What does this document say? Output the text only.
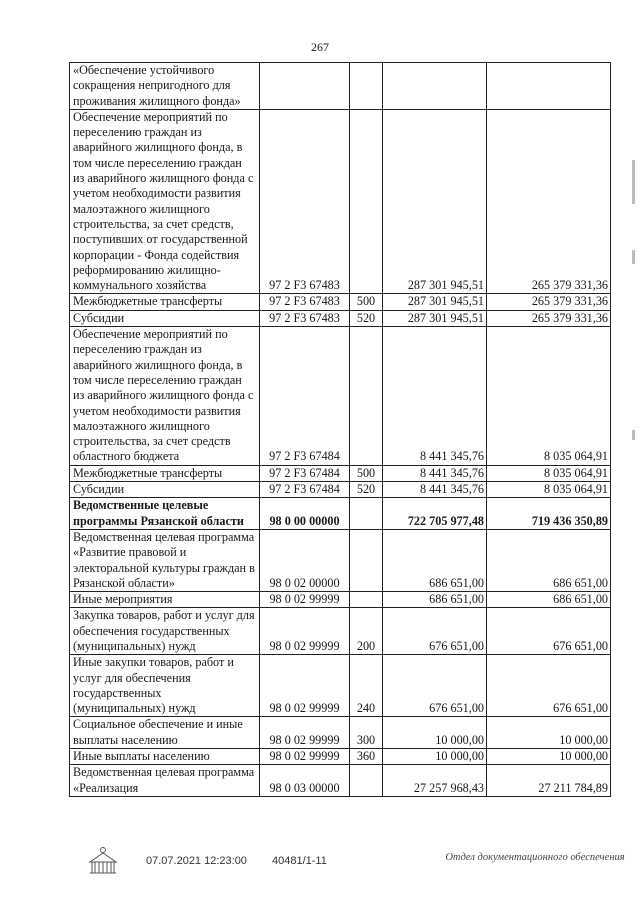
267
«Обеспечение устойчивого сокращения непригодного для проживания жилищного фонда»				
Обеспечение мероприятий по переселению граждан из аварийного жилищного фонда, в том числе переселению граждан из аварийного жилищного фонда с учетом необходимости развития малоэтажного жилищного строительства, за счет средств, поступивших от государственной корпорации - Фонда содействия реформированию жилищно-коммунального хозяйства	97 2 F3 67483		287 301 945,51	265 379 331,36
Межбюджетные трансферты	97 2 F3 67483	500	287 301 945,51	265 379 331,36
Субсидии	97 2 F3 67483	520	287 301 945,51	265 379 331,36
Обеспечение мероприятий по переселению граждан из аварийного жилищного фонда, в том числе переселению граждан из аварийного жилищного фонда с учетом необходимости развития малоэтажного жилищного строительства, за счет средств областного бюджета	97 2 F3 67484		8 441 345,76	8 035 064,91
Межбюджетные трансферты	97 2 F3 67484	500	8 441 345,76	8 035 064,91
Субсидии	97 2 F3 67484	520	8 441 345,76	8 035 064,91
Ведомственные целевые программы Рязанской области	98 0 00 00000		722 705 977,48	719 436 350,89
Ведомственная целевая программа «Развитие правовой и электоральной культуры граждан в Рязанской области»	98 0 02 00000		686 651,00	686 651,00
Иные мероприятия	98 0 02 99999		686 651,00	686 651,00
Закупка товаров, работ и услуг для обеспечения государственных (муниципальных) нужд	98 0 02 99999	200	676 651,00	676 651,00
Иные закупки товаров, работ и услуг для обеспечения государственных (муниципальных) нужд	98 0 02 99999	240	676 651,00	676 651,00
Социальное обеспечение и иные выплаты населению	98 0 02 99999	300	10 000,00	10 000,00
Иные выплаты населению	98 0 02 99999	360	10 000,00	10 000,00
Ведомственная целевая программа «Реализация	98 0 03 00000		27 257 968,43	27 211 784,89
07.07.2021 12:23:00 40481/1-11	Отдел документационного обеспечения
